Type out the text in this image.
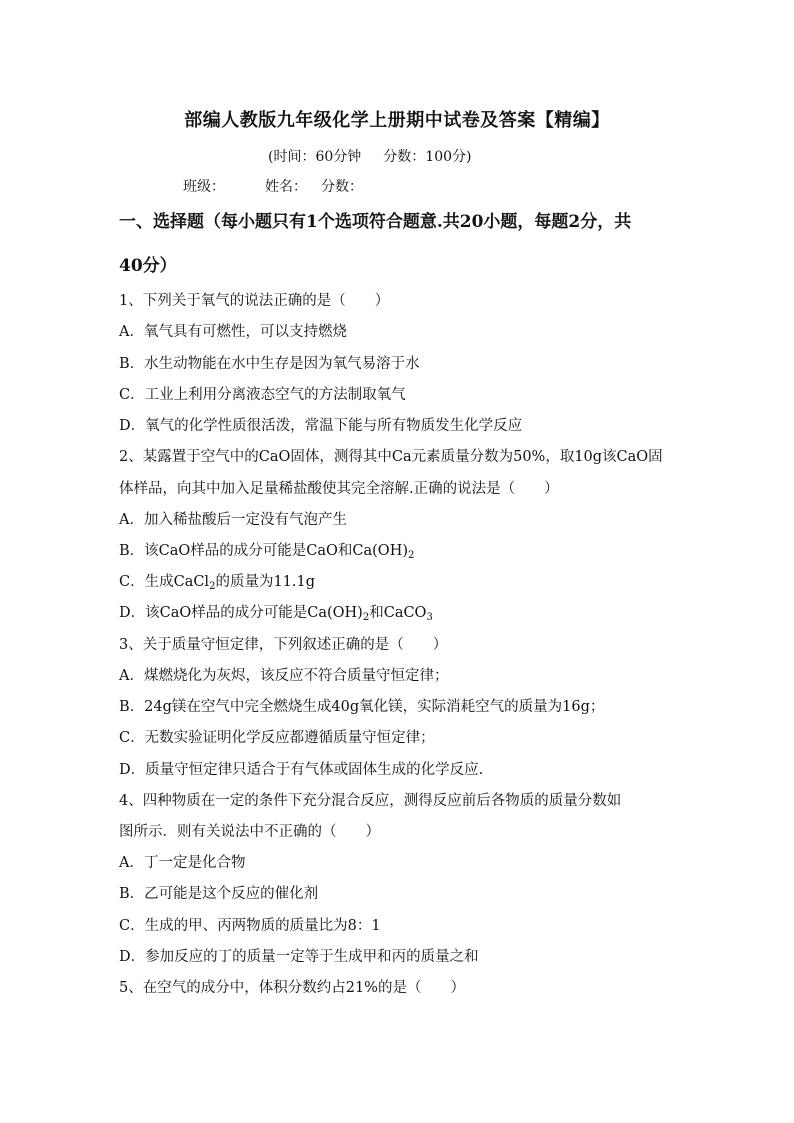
部编人教版九年级化学上册期中试卷及答案【精编】
(时间：60分钟 分数：100分)
班级：	姓名： 分数：
一、选择题（每小题只有1个选项符合题意.共20小题，每题2分，共
40分）
1、下列关于氧气的说法正确的是（　　）
A．氧气具有可燃性，可以支持燃烧
B．水生动物能在水中生存是因为氧气易溶于水
C．工业上利用分离液态空气的方法制取氧气
D．氧气的化学性质很活泼，常温下能与所有物质发生化学反应
2、某露置于空气中的CaO固体，测得其中Ca元素质量分数为50%，取10g该CaO固
体样品，向其中加入足量稀盐酸使其完全溶解.正确的说法是（　　）
A．加入稀盐酸后一定没有气泡产生
B．该CaO样品的成分可能是CaO和$Ca(OH)_2$
C．生成CaCl$_2$的质量为11.1g
D．该CaO样品的成分可能是$Ca(OH)_2$和CaCO$_3$
3、关于质量守恒定律，下列叙述正确的是（　　）
A．煤燃烧化为灰烬，该反应不符合质量守恒定律；
B．24g镁在空气中完全燃烧生成40g氧化镁，实际消耗空气的质量为16g；
C．无数实验证明化学反应都遵循质量守恒定律；
D．质量守恒定律只适合于有气体或固体生成的化学反应.
4、四种物质在一定的条件下充分混合反应，测得反应前后各物质的质量分数如
图所示．则有关说法中不正确的（　　）
A．丁一定是化合物
B．乙可能是这个反应的催化剂
C．生成的甲、丙两物质的质量比为8：1
D．参加反应的丁的质量一定等于生成甲和丙的质量之和
5、在空气的成分中，体积分数约占21%的是（　　）
